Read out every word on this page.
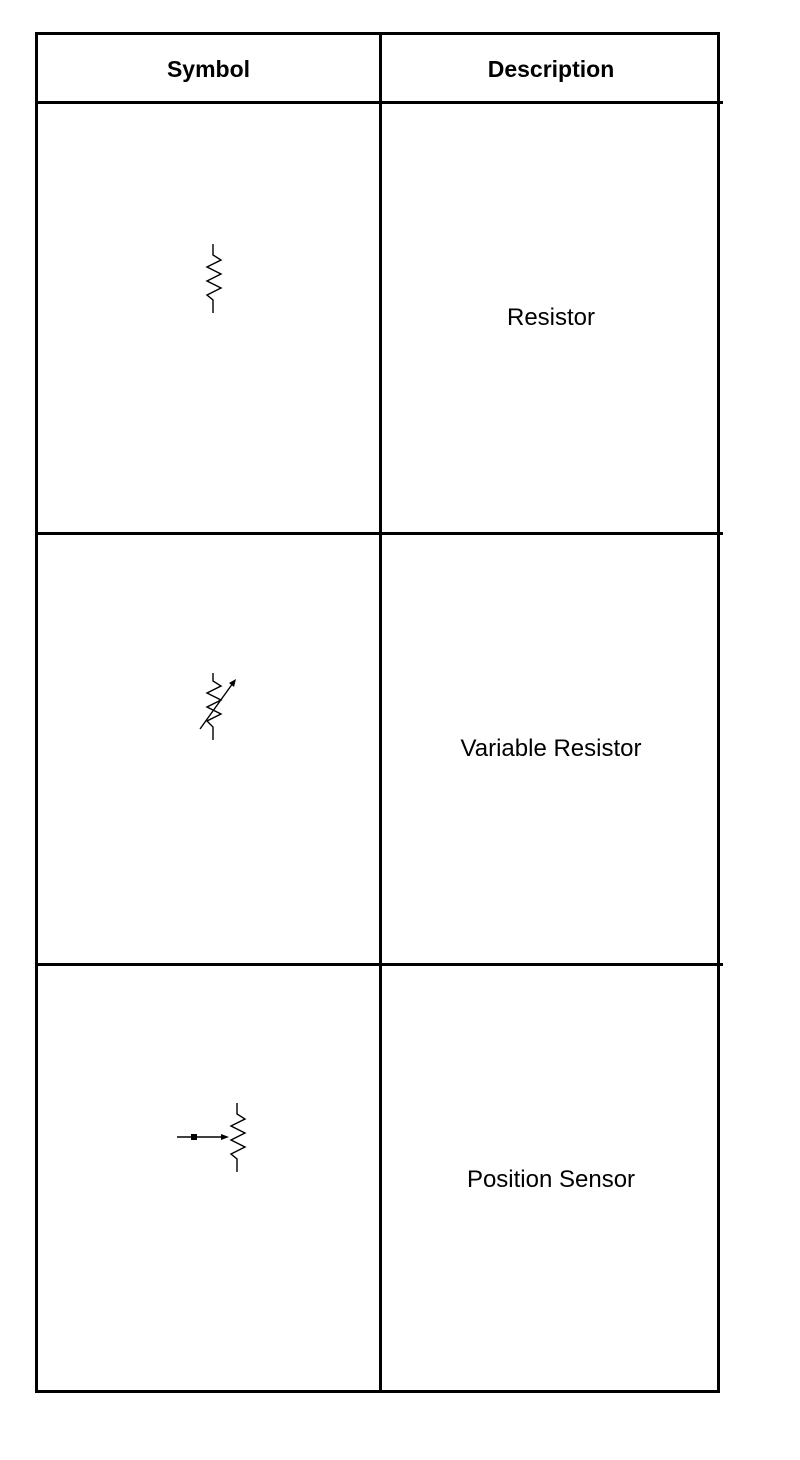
Symbol	Description
Resistor
Variable Resistor
Position Sensor
